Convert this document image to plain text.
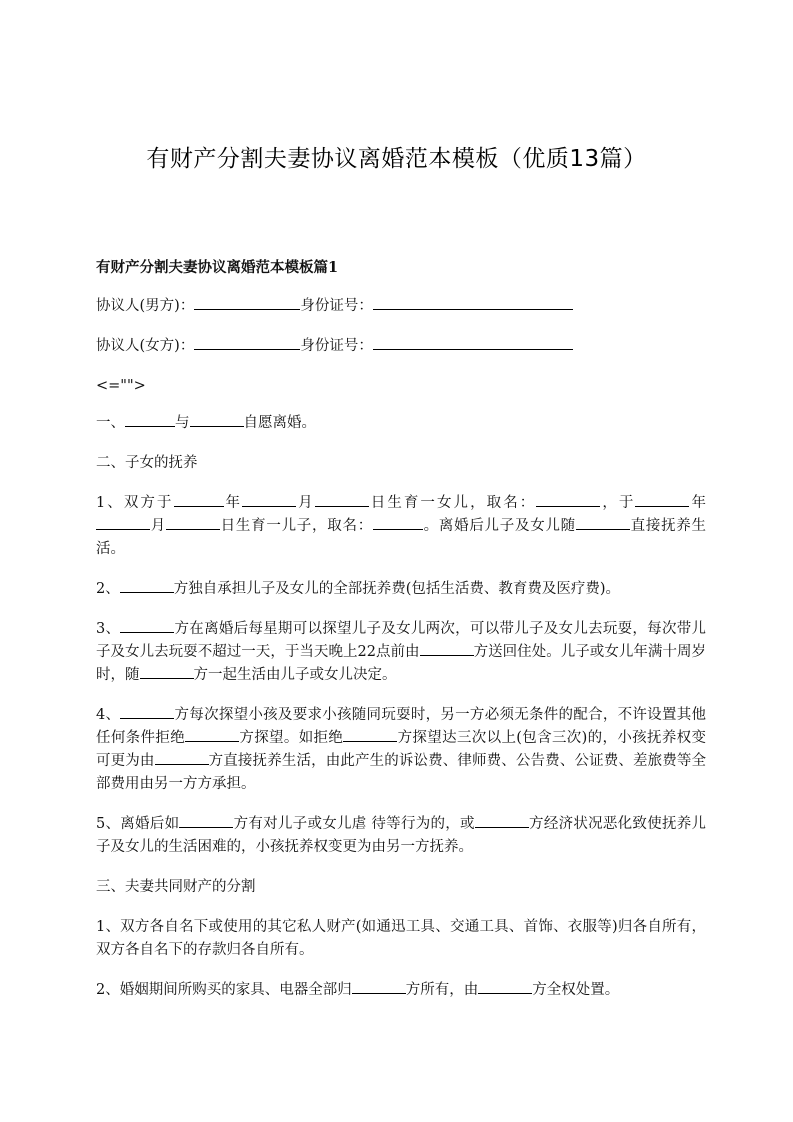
有财产分割夫妻协议离婚范本模板（优质13篇）
有财产分割夫妻协议离婚范本模板篇1
协议人(男方)：	身份证号：
协议人(女方)：	身份证号：
<="">
一、	与	自愿离婚。
二、子女的抚养
1、双方于	年	月	日生育一女儿，取名：	，于	年月	日生育一儿子，取名：	。离婚后儿子及女儿随	直接抚养生活。
2、	方独自承担儿子及女儿的全部抚养费(包括生活费、教育费及医疗费)。
3、	方在离婚后每星期可以探望儿子及女儿两次，可以带儿子及女儿去玩耍，每次带儿子及女儿去玩耍不超过一天，于当天晚上22点前由	方送回住处。儿子或女儿年满十周岁时，随	方一起生活由儿子或女儿决定。
4、	方每次探望小孩及要求小孩随同玩耍时，另一方必须无条件的配合，不许设置其他任何条件拒绝	方探望。如拒绝	方探望达三次以上(包含三次)的，小孩抚养权变可更为由	方直接抚养生活，由此产生的诉讼费、律师费、公告费、公证费、差旅费等全部费用由另一方方承担。
5、离婚后如	方有对儿子或女儿虐 待等行为的，或	方经济状况恶化致使抚养儿子及女儿的生活困难的，小孩抚养权变更为由另一方抚养。
三、夫妻共同财产的分割
1、双方各自名下或使用的其它私人财产(如通迅工具、交通工具、首饰、衣服等)归各自所有，双方各自名下的存款归各自所有。
2、婚姻期间所购买的家具、电器全部归	方所有，由	方全权处置。
